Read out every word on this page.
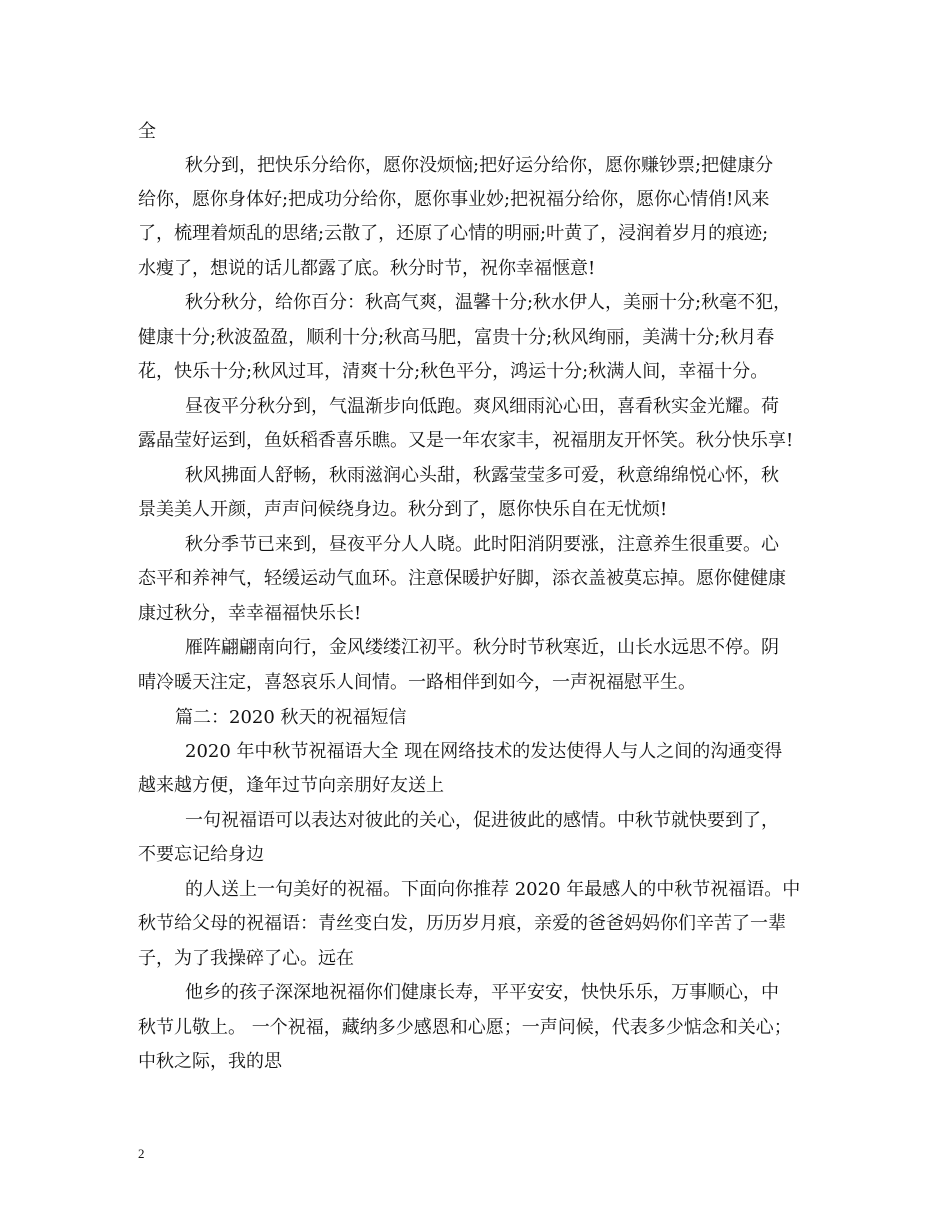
全
秋分到，把快乐分给你，愿你没烦恼;把好运分给你，愿你赚钞票;把健康分
给你，愿你身体好;把成功分给你，愿你事业妙;把祝福分给你，愿你心情俏!风来
了，梳理着烦乱的思绪;云散了，还原了心情的明丽;叶黄了，浸润着岁月的痕迹;
水瘦了，想说的话儿都露了底。秋分时节，祝你幸福惬意!
秋分秋分，给你百分：秋高气爽，温馨十分;秋水伊人，美丽十分;秋毫不犯，
健康十分;秋波盈盈，顺利十分;秋高马肥，富贵十分;秋风绚丽，美满十分;秋月春
花，快乐十分;秋风过耳，清爽十分;秋色平分，鸿运十分;秋满人间，幸福十分。
昼夜平分秋分到，气温渐步向低跑。爽风细雨沁心田，喜看秋实金光耀。荷
露晶莹好运到，鱼妖稻香喜乐瞧。又是一年农家丰，祝福朋友开怀笑。秋分快乐享!
秋风拂面人舒畅，秋雨滋润心头甜，秋露莹莹多可爱，秋意绵绵悦心怀，秋
景美美人开颜，声声问候绕身边。秋分到了，愿你快乐自在无忧烦!
秋分季节已来到，昼夜平分人人晓。此时阳消阴要涨，注意养生很重要。心
态平和养神气，轻缓运动气血环。注意保暖护好脚，添衣盖被莫忘掉。愿你健健康
康过秋分，幸幸福福快乐长!
雁阵翩翩南向行，金风缕缕江初平。秋分时节秋寒近，山长水远思不停。阴
晴冷暖天注定，喜怒哀乐人间情。一路相伴到如今，一声祝福慰平生。
篇二：2020 秋天的祝福短信
2020 年中秋节祝福语大全 现在网络技术的发达使得人与人之间的沟通变得
越来越方便，逢年过节向亲朋好友送上
一句祝福语可以表达对彼此的关心，促进彼此的感情。中秋节就快要到了，
不要忘记给身边
的人送上一句美好的祝福。下面向你推荐 2020 年最感人的中秋节祝福语。中
秋节给父母的祝福语：青丝变白发，历历岁月痕，亲爱的爸爸妈妈你们辛苦了一辈
子，为了我操碎了心。远在
他乡的孩子深深地祝福你们健康长寿，平平安安，快快乐乐，万事顺心，中
秋节儿敬上。 一个祝福，藏纳多少感恩和心愿；一声问候，代表多少惦念和关心；
中秋之际，我的思
2
